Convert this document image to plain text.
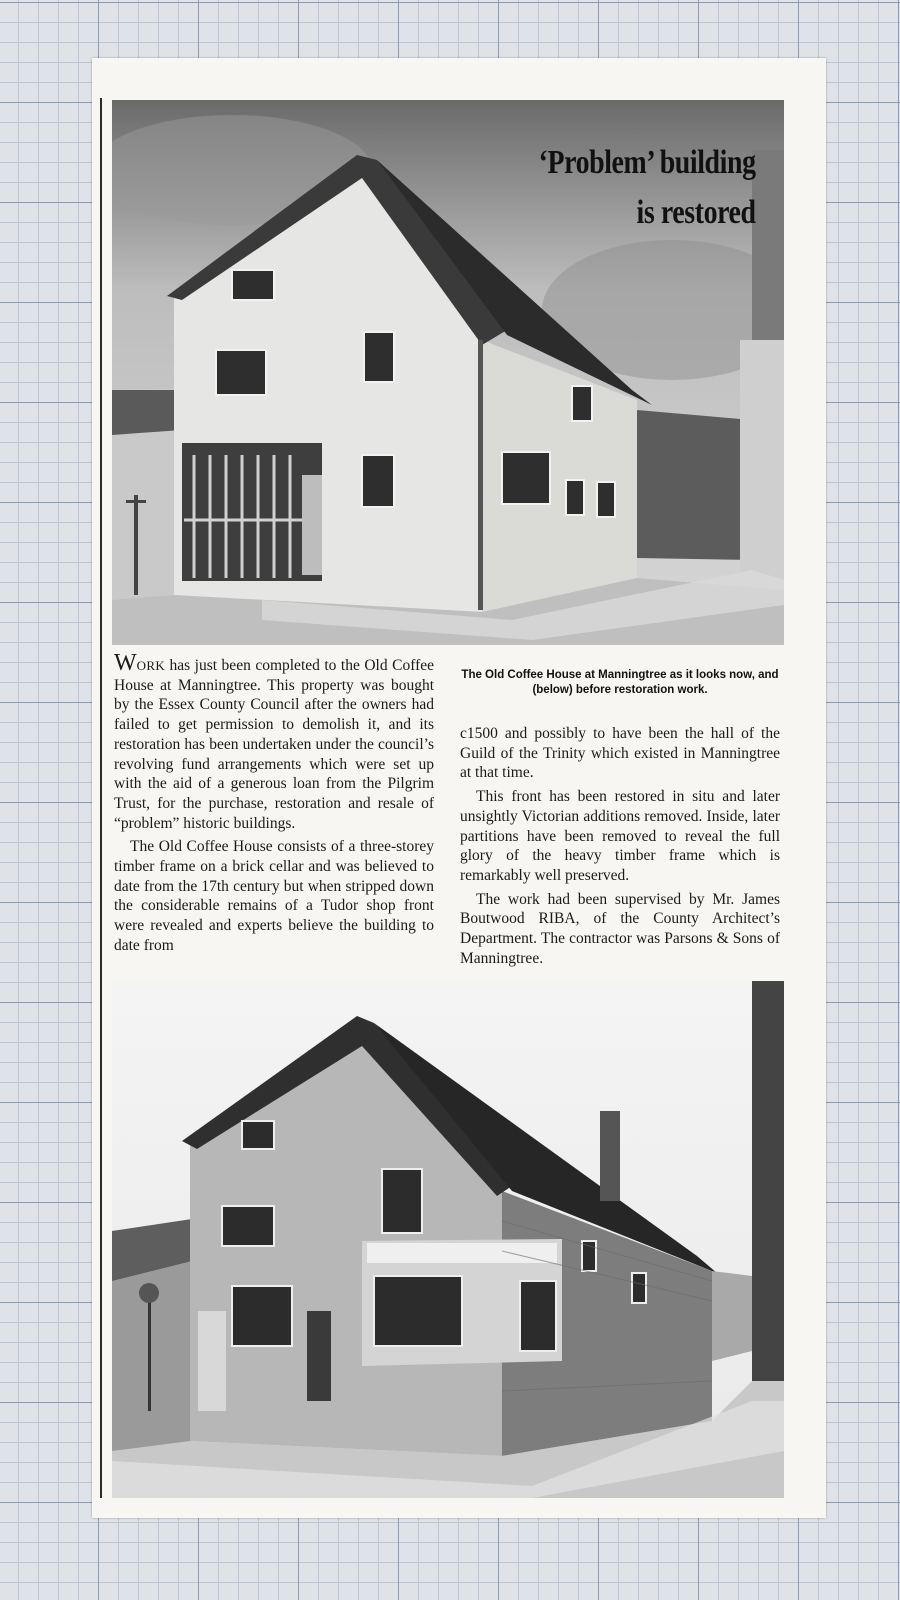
‘Problem’ building
is restored
The Old Coffee House at Manningtree as it looks now, and (below) before restoration work.

WORK has just been completed to the Old Coffee House at Manningtree. This property was bought by the Essex County Council after the owners had failed to get permission to demolish it, and its restoration has been undertaken under the council’s revolving fund arrangements which were set up with the aid of a generous loan from the Pilgrim Trust, for the purchase, restoration and resale of “problem” historic buildings.

The Old Coffee House consists of a three-storey timber frame on a brick cellar and was believed to date from the 17th century but when stripped down the considerable remains of a Tudor shop front were revealed and experts believe the building to date from

c1500 and possibly to have been the hall of the Guild of the Trinity which existed in Manningtree at that time.

This front has been restored in situ and later unsightly Victorian additions removed. Inside, later partitions have been removed to reveal the full glory of the heavy timber frame which is remarkably well preserved.

The work had been supervised by Mr. James Boutwood RIBA, of the County Architect’s Department. The contractor was Parsons & Sons of Manningtree.
